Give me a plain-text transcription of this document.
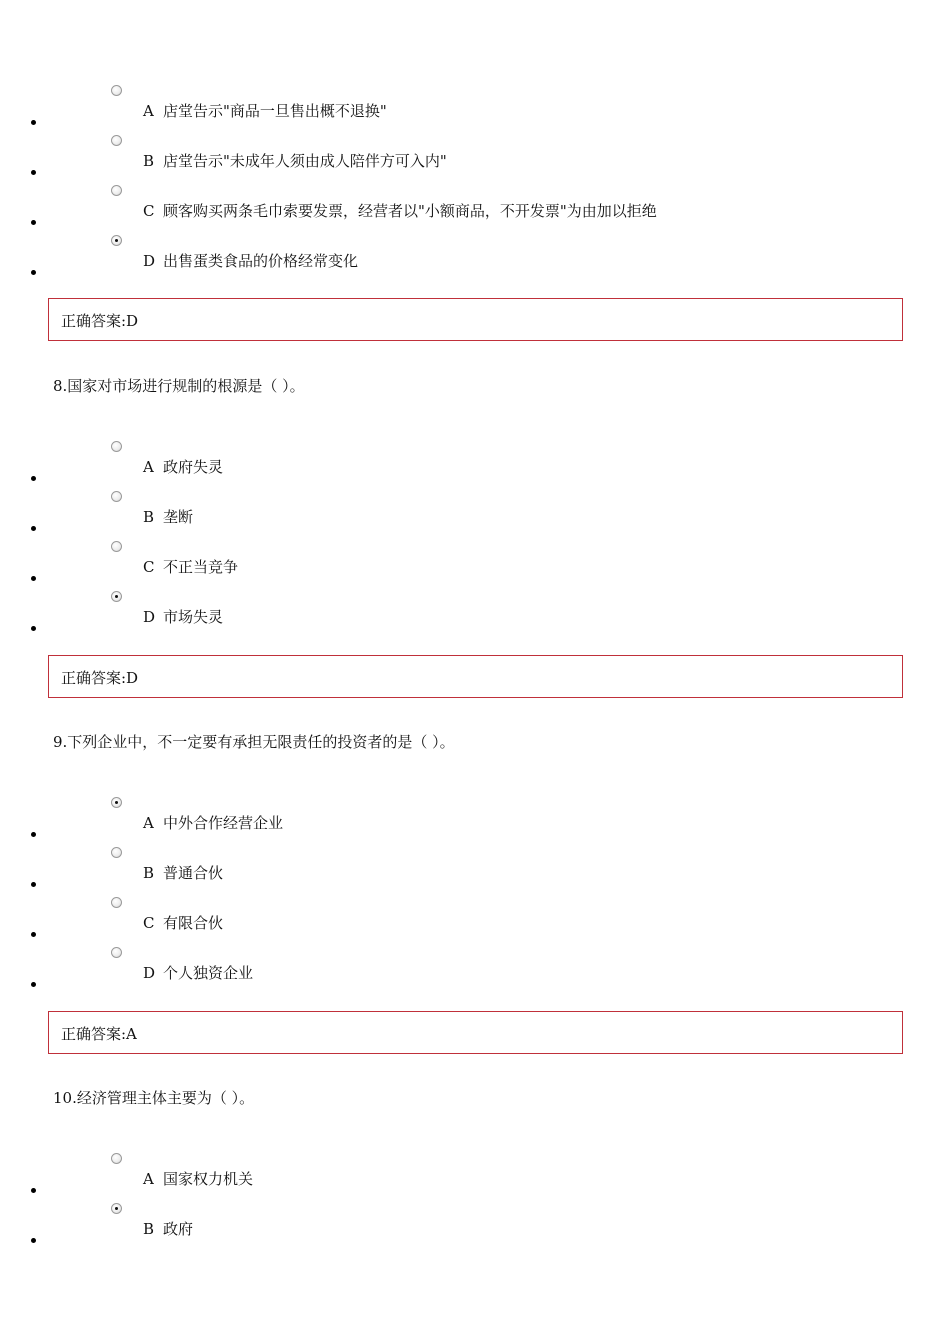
A 店堂告示"商品一旦售出概不退换"
B 店堂告示"未成年人须由成人陪伴方可入内"
C 顾客购买两条毛巾索要发票，经营者以"小额商品，不开发票"为由加以拒绝
D 出售蛋类食品的价格经常变化
正确答案:D
8.国家对市场进行规制的根源是（ ）。
A 政府失灵
B 垄断
C 不正当竞争
D 市场失灵
正确答案:D
9.下列企业中，不一定要有承担无限责任的投资者的是（ ）。
A 中外合作经营企业
B 普通合伙
C 有限合伙
D 个人独资企业
正确答案:A
10.经济管理主体主要为（ ）。
A 国家权力机关
B 政府
